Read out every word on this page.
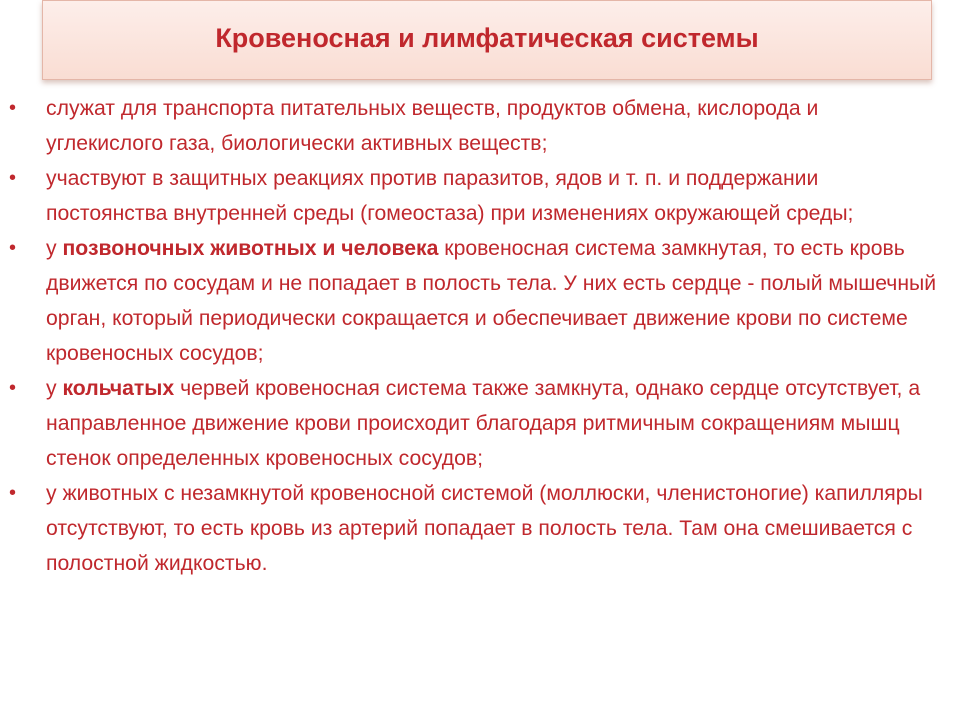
Кровеносная и лимфатическая системы
• служат для транспорта питательных веществ, продуктов обмена, кислорода и углекислого газа, биологически активных веществ;
• участвуют в защитных реакциях против паразитов, ядов и т. п. и поддержании постоянства внутренней среды (гомеостаза) при изменениях окружающей среды;
• у позвоночных животных и человека кровеносная система замкнутая, то есть кровь движется по сосудам и не попадает в полость тела. У них есть сердце - полый мышечный орган, который периодически сокращается и обеспечивает движение крови по системе кровеносных сосудов;
• у кольчатых червей кровеносная система также замкнута, однако сердце отсутствует, а направленное движение крови происходит благодаря ритмичным сокращениям мышц стенок определенных кровеносных сосудов;
• у животных с незамкнутой кровеносной системой (моллюски, членистоногие) капилляры отсутствуют, то есть кровь из артерий попадает в полость тела. Там она смешивается с полостной жидкостью.
